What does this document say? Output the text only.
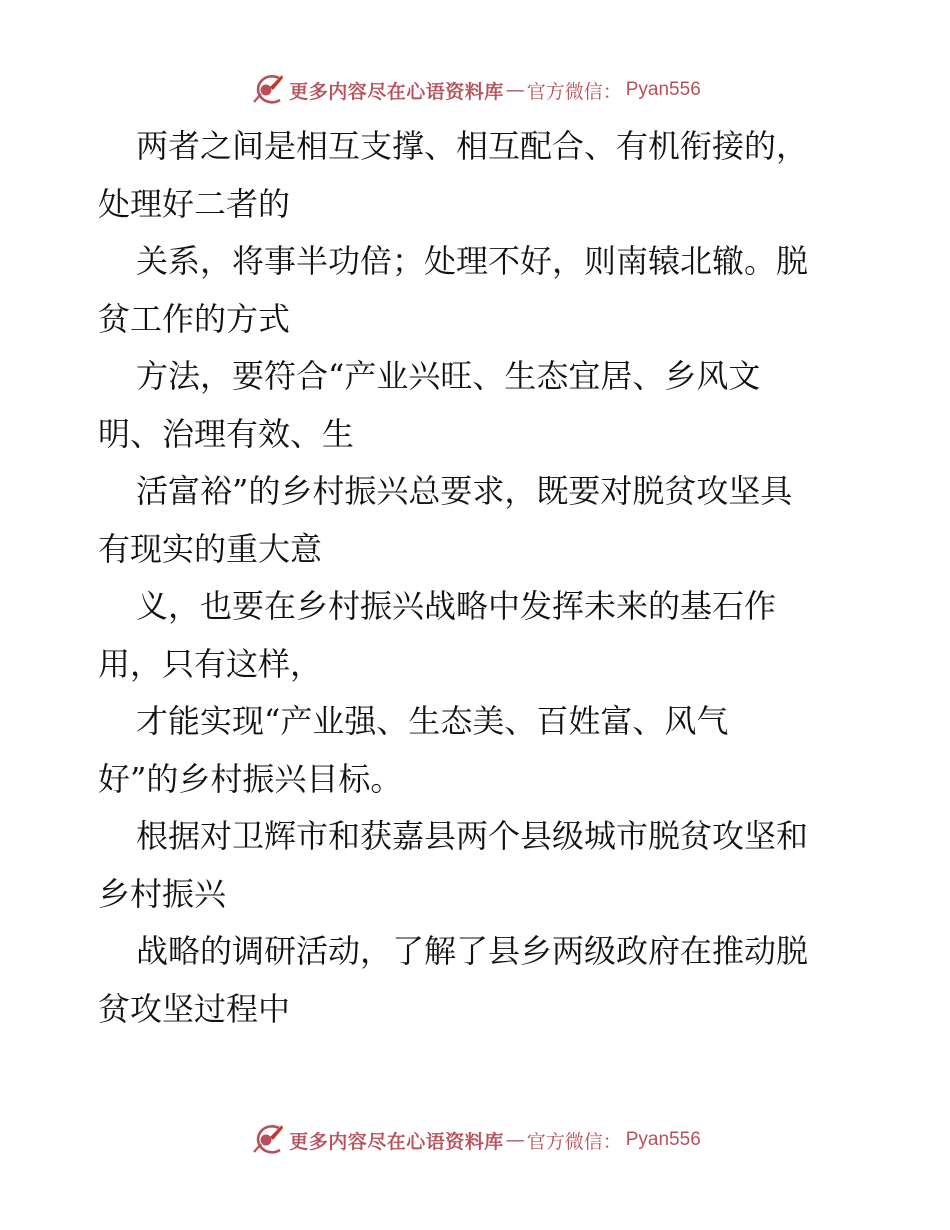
更多内容尽在心语资料库 — 官方微信： Pyan556
两者之间是相互支撑、相互配合、有机衔接的，
处理好二者的
关系，将事半功倍；处理不好，则南辕北辙。脱
贫工作的方式
方法，要符合“产业兴旺、生态宜居、乡风文
明、治理有效、生
活富裕”的乡村振兴总要求，既要对脱贫攻坚具
有现实的重大意
义，也要在乡村振兴战略中发挥未来的基石作
用，只有这样，
才能实现“产业强、生态美、百姓富、风气
好”的乡村振兴目标。
根据对卫辉市和获嘉县两个县级城市脱贫攻坚和
乡村振兴
战略的调研活动，了解了县乡两级政府在推动脱
贫攻坚过程中
更多内容尽在心语资料库 — 官方微信： Pyan556
